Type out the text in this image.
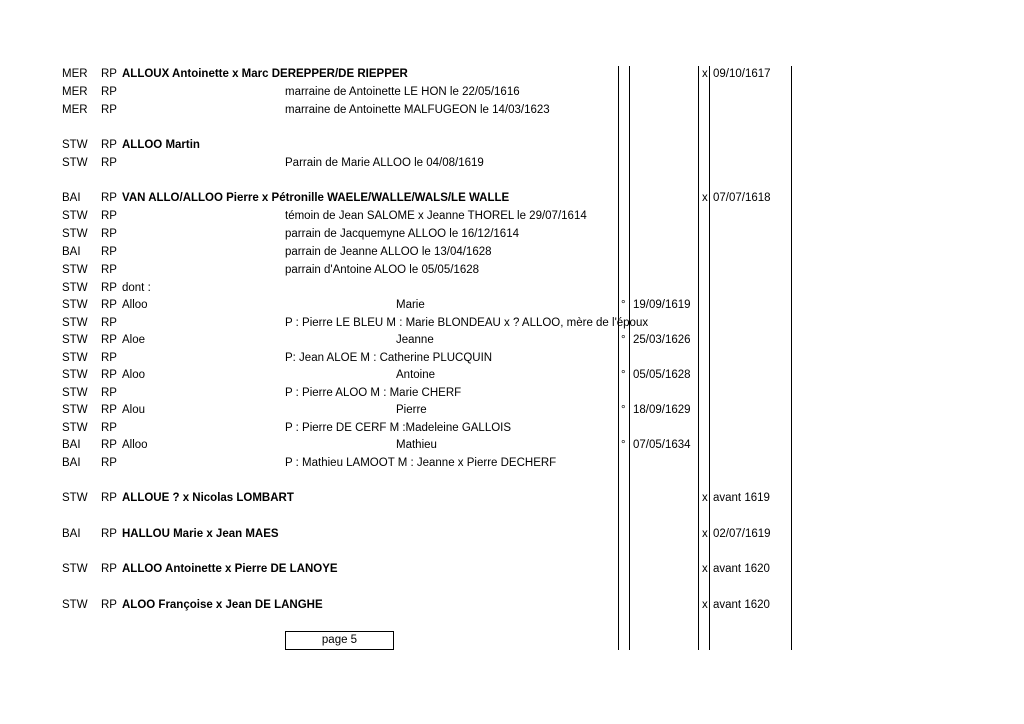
MER RP ALLOUX Antoinette x Marc DEREPPER/DE RIEPPER	x 09/10/1617
MER RP	marraine de Antoinette LE HON le 22/05/1616
MER RP	marraine de Antoinette MALFUGEON le 14/03/1623
STW RP ALLOO Martin
STW RP	Parrain de Marie ALLOO le 04/08/1619
BAI RP VAN ALLO/ALLOO Pierre x Pétronille WAELE/WALLE/WALS/LE WALLE	x 07/07/1618
STW RP	témoin de Jean SALOME x Jeanne THOREL le 29/07/1614
STW RP	parrain de Jacquemyne ALLOO le 16/12/1614
BAI RP	parrain de Jeanne ALLOO le 13/04/1628
STW RP	parrain d'Antoine ALOO le 05/05/1628
STW RP dont :
STW RP Alloo	Marie	° 19/09/1619
STW RP	P : Pierre LE BLEU M : Marie BLONDEAU x ? ALLOO, mère de l'époux
STW RP Aloe	Jeanne	° 25/03/1626
STW RP	P: Jean ALOE M : Catherine PLUCQUIN
STW RP Aloo	Antoine	° 05/05/1628
STW RP	P : Pierre ALOO M : Marie CHERF
STW RP Alou	Pierre	° 18/09/1629
STW RP	P : Pierre DE CERF M :Madeleine GALLOIS
BAI RP Alloo	Mathieu	° 07/05/1634
BAI RP	P : Mathieu LAMOOT M : Jeanne x Pierre DECHERF
STW RP ALLOUE ? x Nicolas LOMBART	x avant 1619
BAI RP HALLOU Marie x Jean MAES	x 02/07/1619
STW RP ALLOO Antoinette x Pierre DE LANOYE	x avant 1620
STW RP ALOO Françoise x Jean DE LANGHE	x avant 1620
page 5
